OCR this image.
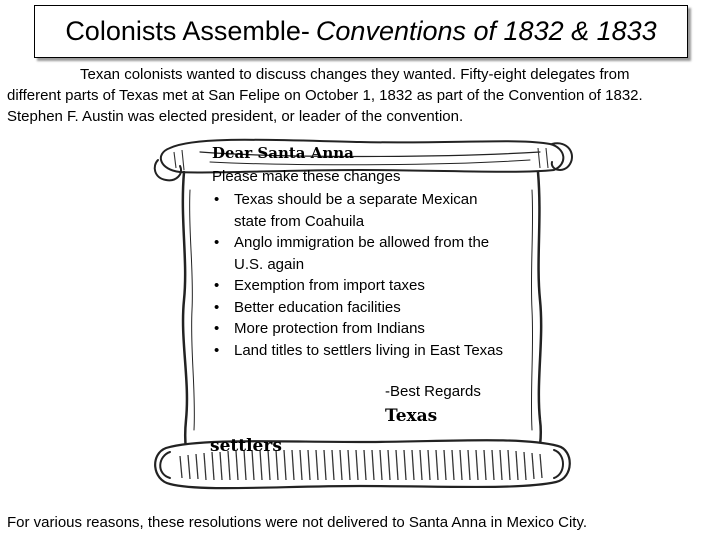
Colonists Assemble- Conventions of 1832 & 1833
Texan colonists wanted to discuss changes they wanted. Fifty-eight delegates from
different parts of Texas met at San Felipe on October 1, 1832 as part of the Convention of 1832.
Stephen F. Austin was elected president, or leader of the convention.
Dear Santa Anna
Please make these changes
• Texas should be a separate Mexican state from Coahuila
• Anglo immigration be allowed from the U.S. again
• Exemption from import taxes
• Better education facilities
• More protection from Indians
• Land titles to settlers living in East Texas
-Best Regards
Texas
settlers
For various reasons, these resolutions were not delivered to Santa Anna in Mexico City.
